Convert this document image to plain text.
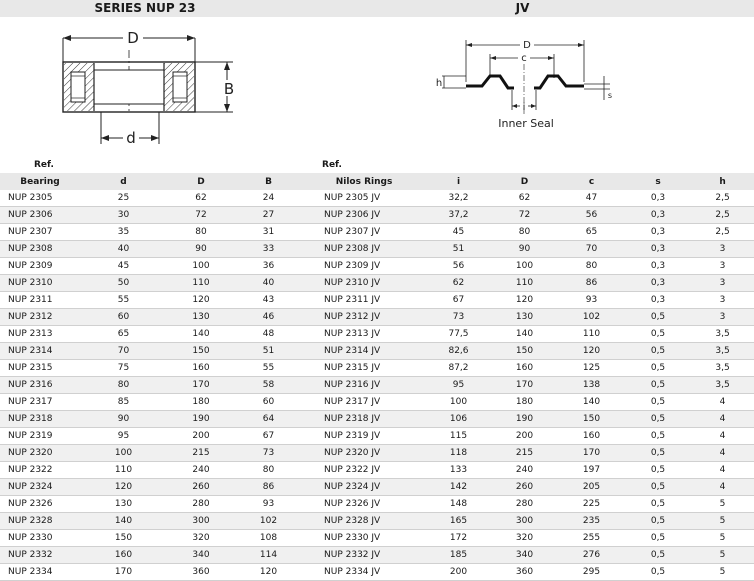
SERIES NUP 23	JV
D
B
d
D
c
h
s
i
Inner Seal
Ref.				Ref.					
Bearing	d	D	B	Nilos Rings	i	D	c	s	h
NUP 2305	25	62	24	NUP 2305 JV	32,2	62	47	0,3	2,5
NUP 2306	30	72	27	NUP 2306 JV	37,2	72	56	0,3	2,5
NUP 2307	35	80	31	NUP 2307 JV	45	80	65	0,3	2,5
NUP 2308	40	90	33	NUP 2308 JV	51	90	70	0,3	3
NUP 2309	45	100	36	NUP 2309 JV	56	100	80	0,3	3
NUP 2310	50	110	40	NUP 2310 JV	62	110	86	0,3	3
NUP 2311	55	120	43	NUP 2311 JV	67	120	93	0,3	3
NUP 2312	60	130	46	NUP 2312 JV	73	130	102	0,5	3
NUP 2313	65	140	48	NUP 2313 JV	77,5	140	110	0,5	3,5
NUP 2314	70	150	51	NUP 2314 JV	82,6	150	120	0,5	3,5
NUP 2315	75	160	55	NUP 2315 JV	87,2	160	125	0,5	3,5
NUP 2316	80	170	58	NUP 2316 JV	95	170	138	0,5	3,5
NUP 2317	85	180	60	NUP 2317 JV	100	180	140	0,5	4
NUP 2318	90	190	64	NUP 2318 JV	106	190	150	0,5	4
NUP 2319	95	200	67	NUP 2319 JV	115	200	160	0,5	4
NUP 2320	100	215	73	NUP 2320 JV	118	215	170	0,5	4
NUP 2322	110	240	80	NUP 2322 JV	133	240	197	0,5	4
NUP 2324	120	260	86	NUP 2324 JV	142	260	205	0,5	4
NUP 2326	130	280	93	NUP 2326 JV	148	280	225	0,5	5
NUP 2328	140	300	102	NUP 2328 JV	165	300	235	0,5	5
NUP 2330	150	320	108	NUP 2330 JV	172	320	255	0,5	5
NUP 2332	160	340	114	NUP 2332 JV	185	340	276	0,5	5
NUP 2334	170	360	120	NUP 2334 JV	200	360	295	0,5	5
